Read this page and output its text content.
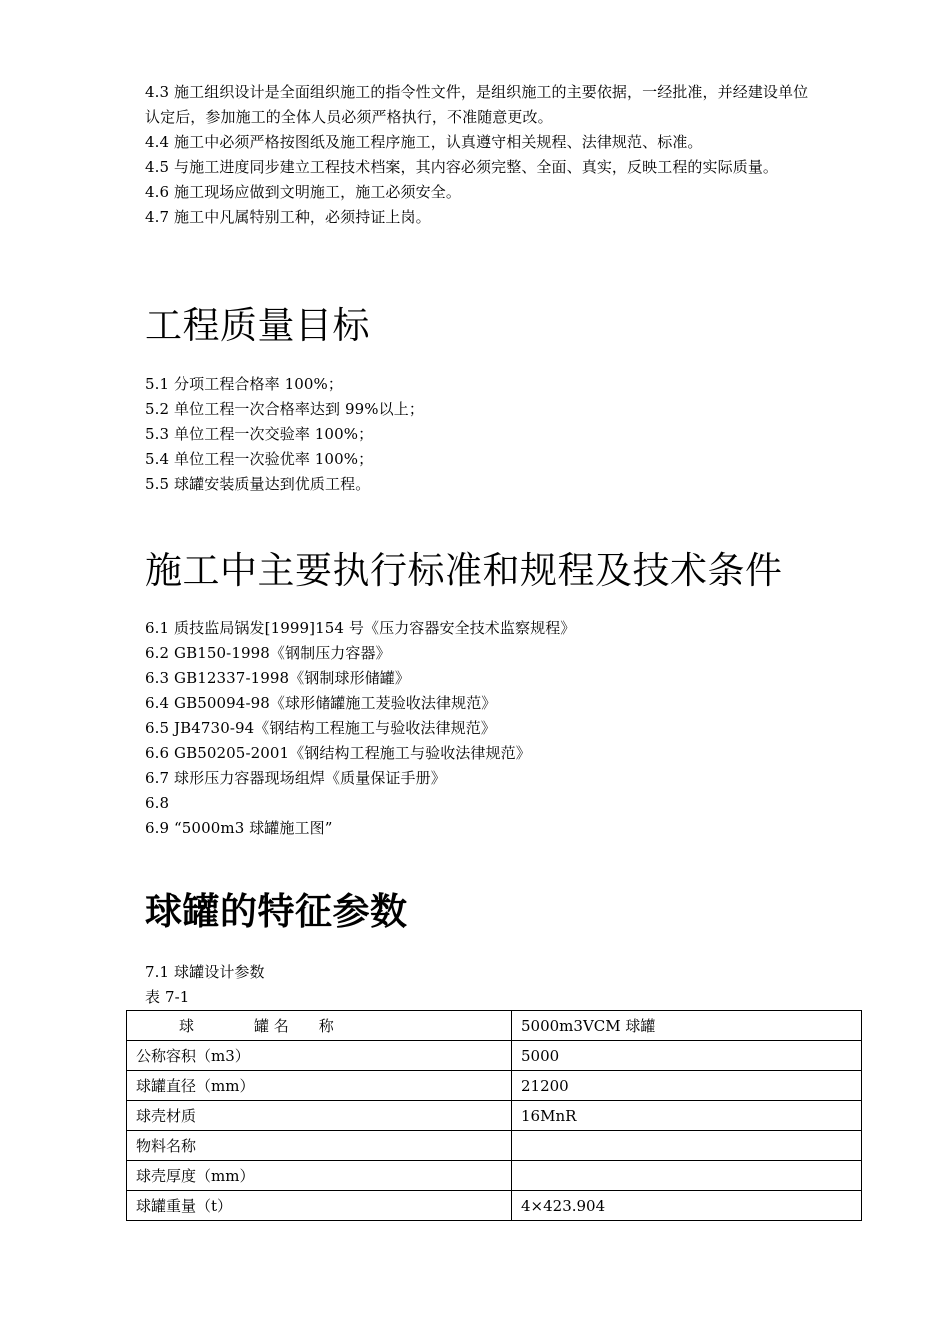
4.3 施工组织设计是全面组织施工的指令性文件，是组织施工的主要依据，一经批准，并经建设单位认定后，参加施工的全体人员必须严格执行，不准随意更改。

4.4 施工中必须严格按图纸及施工程序施工，认真遵守相关规程、法律规范、标准。

4.5 与施工进度同步建立工程技术档案，其内容必须完整、全面、真实，反映工程的实际质量。

4.6 施工现场应做到文明施工，施工必须安全。

4.7 施工中凡属特别工种，必须持证上岗。

工程质量目标

5.1 分项工程合格率 100%；

5.2 单位工程一次合格率达到 99%以上；

5.3 单位工程一次交验率 100%；

5.4 单位工程一次验优率 100%；

5.5 球罐安装质量达到优质工程。

施工中主要执行标准和规程及技术条件

6.1 质技监局锅发[1999]154 号《压力容器安全技术监察规程》

6.2 GB150-1998《钢制压力容器》

6.3 GB12337-1998《钢制球形储罐》

6.4 GB50094-98《球形储罐施工茇验收法律规范》

6.5 JB4730-94《钢结构工程施工与验收法律规范》

6.6 GB50205-2001《钢结构工程施工与验收法律规范》

6.7 球形压力容器现场组焊《质量保证手册》

6.8

6.9 “5000m3 球罐施工图”

球罐的特征参数

7.1 球罐设计参数

表 7-1

球　　　　罐 名　　称	5000m3VCM 球罐
公称容积（m3）	5000
球罐直径（mm）	21200
球壳材质	16MnR
物料名称	
球壳厚度（mm）	
球罐重量（t）	4×423.904
